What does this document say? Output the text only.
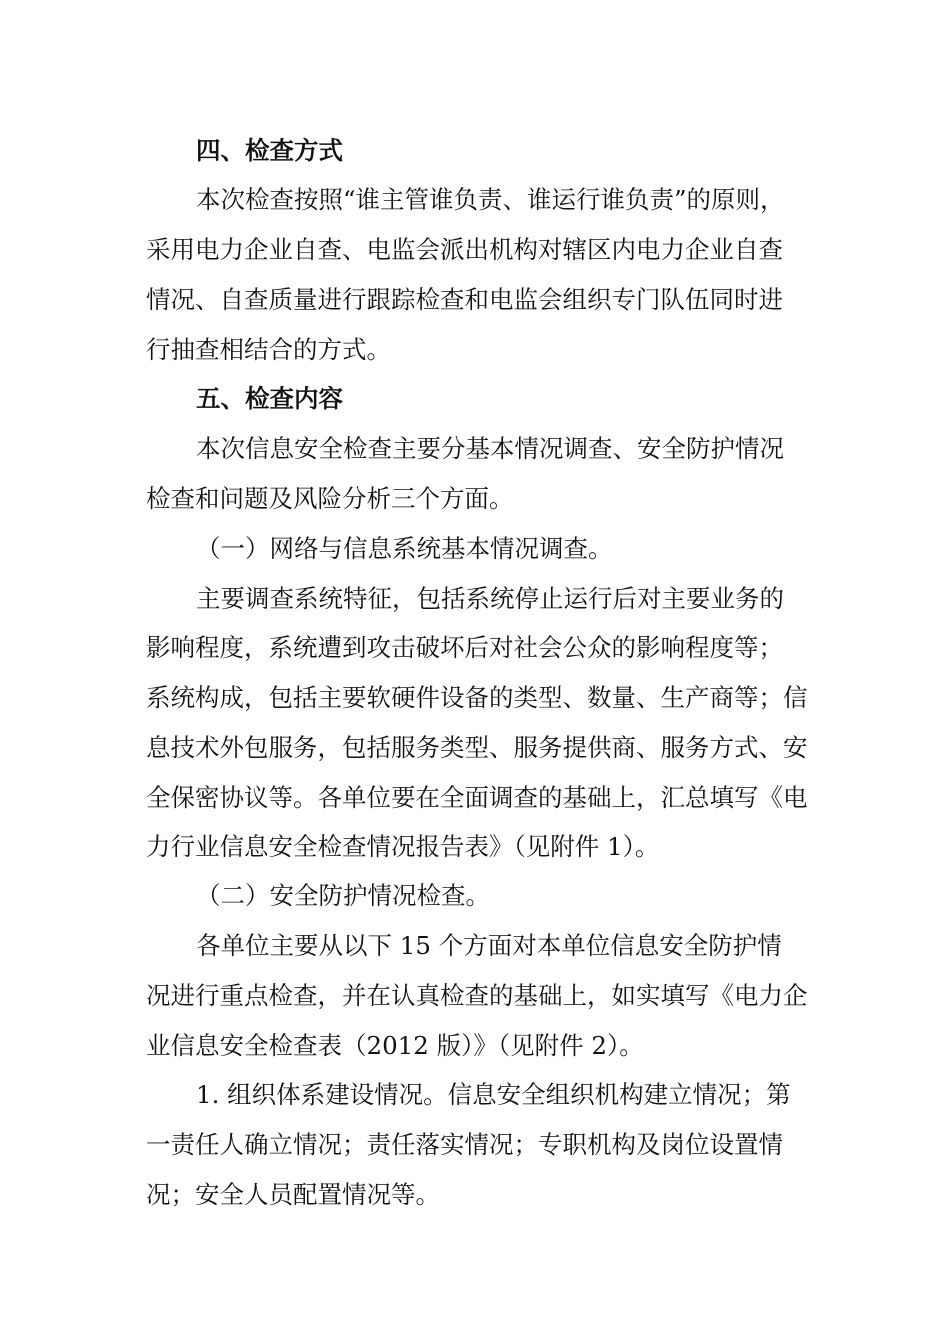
四、检查方式
本次检查按照“谁主管谁负责、谁运行谁负责”的原则，
采用电力企业自查、电监会派出机构对辖区内电力企业自查
情况、自查质量进行跟踪检查和电监会组织专门队伍同时进
行抽查相结合的方式。
五、检查内容
本次信息安全检查主要分基本情况调查、安全防护情况
检查和问题及风险分析三个方面。
（一）网络与信息系统基本情况调查。
主要调查系统特征，包括系统停止运行后对主要业务的
影响程度，系统遭到攻击破坏后对社会公众的影响程度等；
系统构成，包括主要软硬件设备的类型、数量、生产商等；信
息技术外包服务，包括服务类型、服务提供商、服务方式、安
全保密协议等。各单位要在全面调查的基础上，汇总填写《电
力行业信息安全检查情况报告表》（见附件 1）。
（二）安全防护情况检查。
各单位主要从以下 15 个方面对本单位信息安全防护情
况进行重点检查，并在认真检查的基础上，如实填写《电力企
业信息安全检查表（2012 版）》（见附件 2）。
1. 组织体系建设情况。信息安全组织机构建立情况；第
一责任人确立情况；责任落实情况；专职机构及岗位设置情
况；安全人员配置情况等。
